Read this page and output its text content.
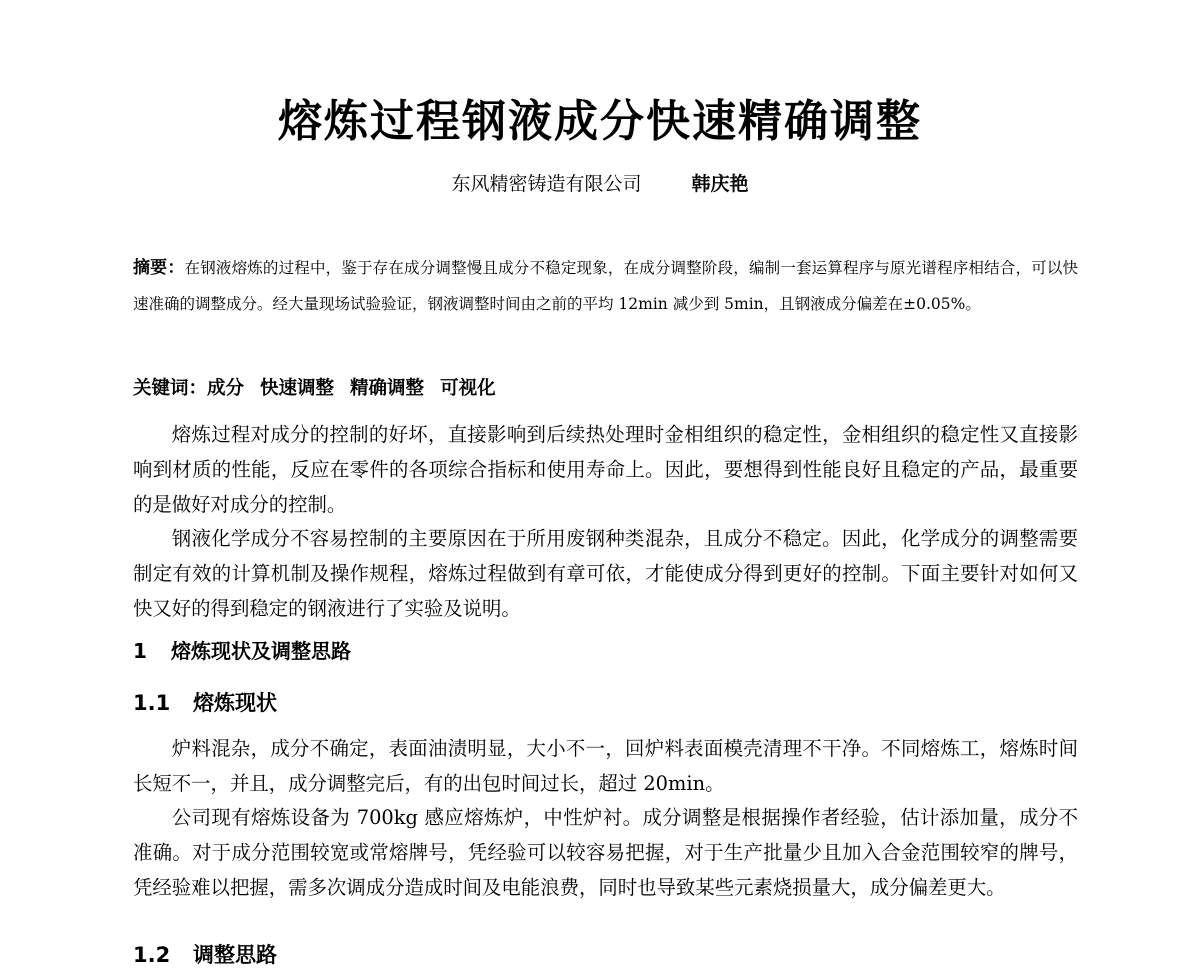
熔炼过程钢液成分快速精确调整
东风精密铸造有限公司	韩庆艳
摘要：在钢液熔炼的过程中，鉴于存在成分调整慢且成分不稳定现象，在成分调整阶段，编制一套运算程序与原光谱程序相结合，可以快速准确的调整成分。经大量现场试验验证，钢液调整时间由之前的平均 12min 减少到 5min，且钢液成分偏差在±0.05%。
关键词：成分 快速调整 精确调整 可视化
熔炼过程对成分的控制的好坏，直接影响到后续热处理时金相组织的稳定性，金相组织的稳定性又直接影响到材质的性能，反应在零件的各项综合指标和使用寿命上。因此，要想得到性能良好且稳定的产品，最重要的是做好对成分的控制。
钢液化学成分不容易控制的主要原因在于所用废钢种类混杂，且成分不稳定。因此，化学成分的调整需要制定有效的计算机制及操作规程，熔炼过程做到有章可依，才能使成分得到更好的控制。下面主要针对如何又快又好的得到稳定的钢液进行了实验及说明。
1 熔炼现状及调整思路
1.1 熔炼现状
炉料混杂，成分不确定，表面油渍明显，大小不一，回炉料表面模壳清理不干净。不同熔炼工，熔炼时间长短不一，并且，成分调整完后，有的出包时间过长，超过 20min。
公司现有熔炼设备为 700kg 感应熔炼炉，中性炉衬。成分调整是根据操作者经验，估计添加量，成分不准确。对于成分范围较宽或常熔牌号，凭经验可以较容易把握，对于生产批量少且加入合金范围较窄的牌号，凭经验难以把握，需多次调成分造成时间及电能浪费，同时也导致某些元素烧损量大，成分偏差更大。
1.2 调整思路
